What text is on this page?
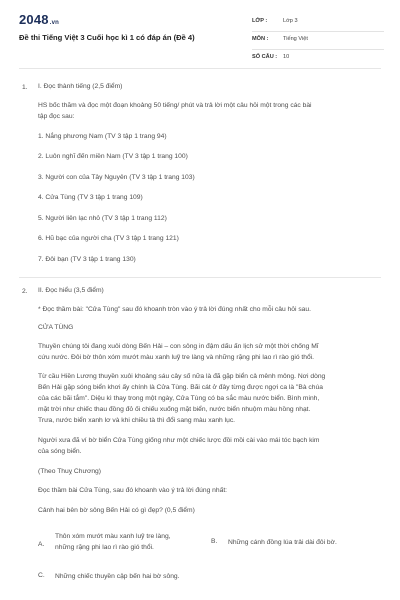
2048.vn
Đề thi Tiếng Việt 3 Cuối học kì 1 có đáp án (Đề 4)
LỚP :	Lớp 3
MÔN :	Tiếng Việt
SỐ CÂU : 10
1. I. Đọc thành tiếng (2,5 điểm)
HS bốc thăm và đọc một đoạn khoảng 50 tiếng/ phút và trả lời một câu hỏi một trong các bài
tập đọc sau:
1. Nắng phương Nam (TV 3 tập 1 trang 94)
2. Luôn nghĩ đến miền Nam (TV 3 tập 1 trang 100)
3. Người con của Tây Nguyên (TV 3 tập 1 trang 103)
4. Cửa Tùng (TV 3 tập 1 trang 109)
5. Người liên lạc nhỏ (TV 3 tập 1 trang 112)
6. Hũ bạc của người cha (TV 3 tập 1 trang 121)
7. Đôi bạn (TV 3 tập 1 trang 130)
2. II. Đọc hiểu (3,5 điểm)
* Đọc thầm bài: "Cửa Tùng" sau đó khoanh tròn vào ý trả lời đúng nhất cho mỗi câu hỏi sau.
CỬA TÙNG
Thuyền chúng tôi đang xuôi dòng Bến Hải – con sông in đậm dấu ấn lịch sử một thời chống Mĩ
cứu nước. Đôi bờ thôn xóm mướt màu xanh luỹ tre làng và những rặng phi lao rì rào gió thổi.
Từ cầu Hiền Lương thuyền xuôi khoảng sáu cây số nữa là đã gặp biển cả mênh mông. Nơi dòng
Bến Hải gặp sóng biển khơi ấy chính là Cửa Tùng. Bãi cát ở đây từng được ngợi ca là "Bà chúa
của các bãi tắm". Diệu kì thay trong một ngày, Cửa Tùng có ba sắc màu nước biển. Bình minh,
mặt trời như chiếc thau đồng đỏ ối chiếu xuống mặt biển, nước biển nhuộm màu hồng nhạt.
Trưa, nước biển xanh lơ và khi chiều tà thì đổi sang màu xanh lục.
Người xưa đã ví bờ biển Cửa Tùng giống như một chiếc lược đồi mồi cài vào mái tóc bạch kim
của sóng biển.
(Theo Thuỵ Chương)
Đọc thầm bài Cửa Tùng, sau đó khoanh vào ý trả lời đúng nhất:
Cảnh hai bên bờ sông Bến Hải có gì đẹp? (0,5 điểm)
A.
Thôn xóm mướt màu xanh luỹ tre làng,
những rặng phi lao rì rào gió thổi.
B. Những cánh đồng lúa trải dài đôi bờ.
C. Những chiếc thuyền cập bến hai bờ sông.
